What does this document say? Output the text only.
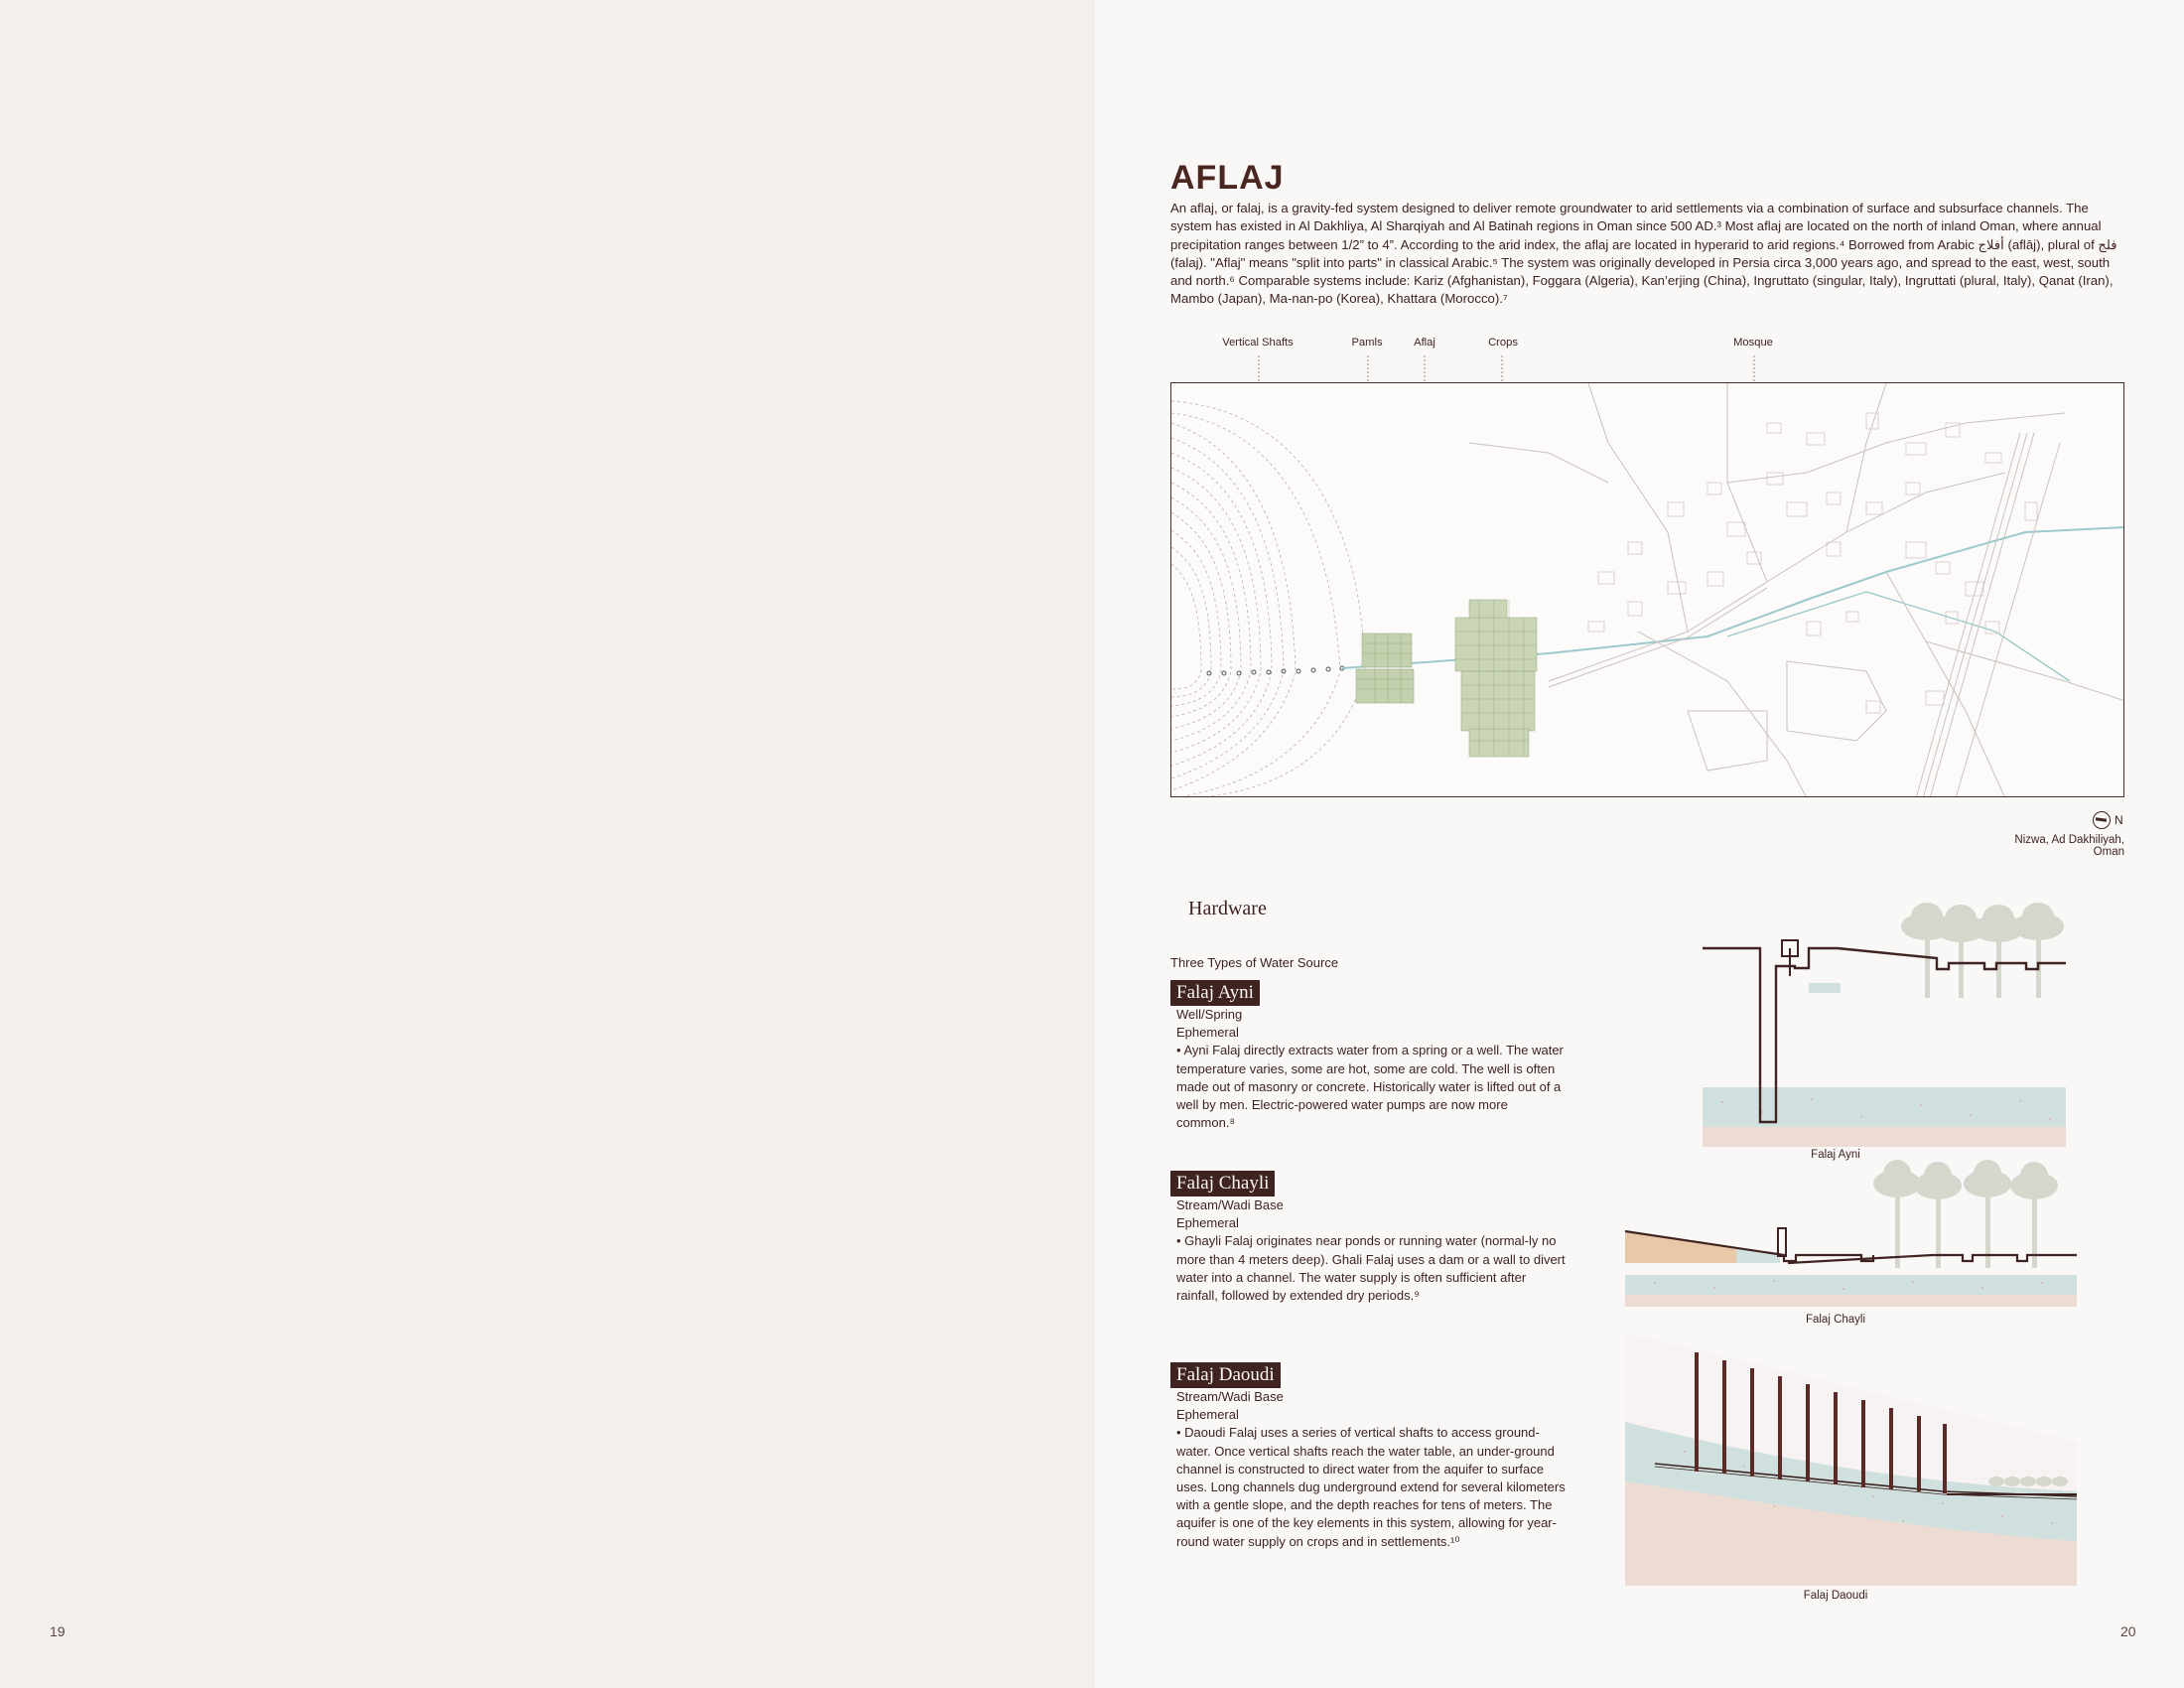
19	20
AFLAJ

An aflaj, or falaj, is a gravity-fed system designed to deliver remote groundwater to arid settlements via a combination of surface and subsurface channels. The system has existed in Al Dakhliya, Al Sharqiyah and Al Batinah regions in Oman since 500 AD.³ Most aflaj are located on the north of inland Oman, where annual

precipitation ranges between 1/2” to 4”. According to the arid index, the aflaj are located in hyperarid to arid regions.⁴ Borrowed from Arabic أفلاج (aflāj), plural of فلج (falaj). "Aflaj" means "split into parts" in classical Arabic.⁵ The system was originally developed in Persia circa 3,000 years ago, and spread to the east, west, south and north.⁶ Comparable systems include: Kariz (Afghanistan), Foggara (Algeria), Kan’erjing (China), Ingruttato (singular, Italy), Ingruttati (plural, Italy), Qanat (Iran), Mambo (Japan), Ma-nan-po (Korea), Khattara (Morocco).⁷

Vertical Shafts	Pamls	Aflaj	Crops	Mosque
N
Nizwa, Ad Dakhiliyah, Oman
Hardware
Three Types of Water Source
Falaj Ayni
Well/Spring
Ephemeral
• Ayni Falaj directly extracts water from a spring or a well. The water temperature varies, some are hot, some are cold. The well is often made out of masonry or concrete. Historically water is lifted out of a well by men. Electric-powered water pumps are now more common.⁸
Falaj Chayli
Stream/Wadi Base
Ephemeral
• Ghayli Falaj originates near ponds or running water (normal-ly no more than 4 meters deep). Ghali Falaj uses a dam or a wall to divert water into a channel. The water supply is often sufficient after rainfall, followed by extended dry periods.⁹
Falaj Daoudi
Stream/Wadi Base
Ephemeral
• Daoudi Falaj uses a series of vertical shafts to access ground-water. Once vertical shafts reach the water table, an under-ground channel is constructed to direct water from the aquifer to surface uses. Long channels dug underground extend for several kilometers with a gentle slope, and the depth reaches for tens of meters. The aquifer is one of the key elements in this system, allowing for year-round water supply on crops and in settlements.¹⁰
Falaj Ayni
Falaj Chayli
Falaj Daoudi
